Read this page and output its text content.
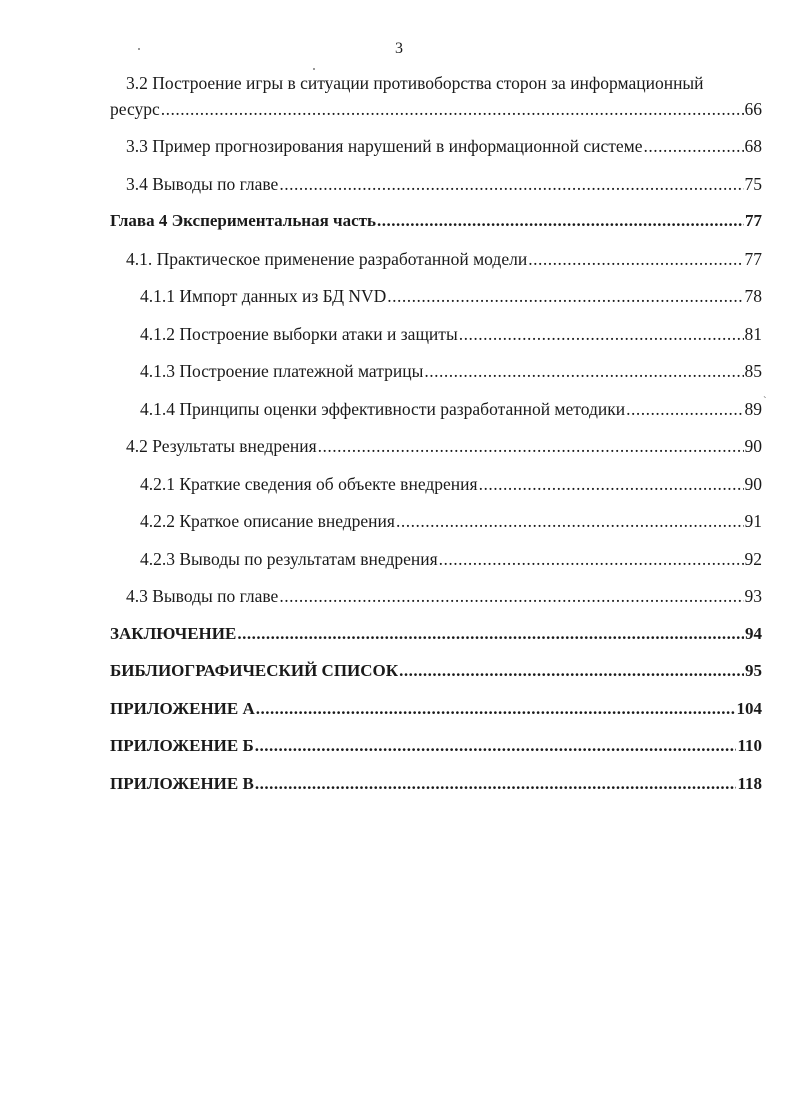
3
`
3.2 Построение игры в ситуации противоборства сторон за информационный
ресурс .....	66
3.3 Пример прогнозирования нарушений в информационной системе .....	68
3.4 Выводы по главе .....	75
Глава 4 Экспериментальная часть .....	77
4.1. Практическое применение разработанной модели .....	77
4.1.1 Импорт данных из БД NVD .....	78
4.1.2 Построение выборки атаки и защиты .....	81
4.1.3 Построение платежной матрицы .....	85
4.1.4 Принципы оценки эффективности разработанной методики .....	89
4.2 Результаты внедрения .....	90
4.2.1 Краткие сведения об объекте внедрения .....	90
4.2.2 Краткое описание внедрения .....	91
4.2.3 Выводы по результатам внедрения .....	92
4.3 Выводы по главе .....	93
ЗАКЛЮЧЕНИЕ .....	94
БИБЛИОГРАФИЧЕСКИЙ СПИСОК .....	95
ПРИЛОЖЕНИЕ А .....	104
ПРИЛОЖЕНИЕ Б .....	110
ПРИЛОЖЕНИЕ В .....	118
